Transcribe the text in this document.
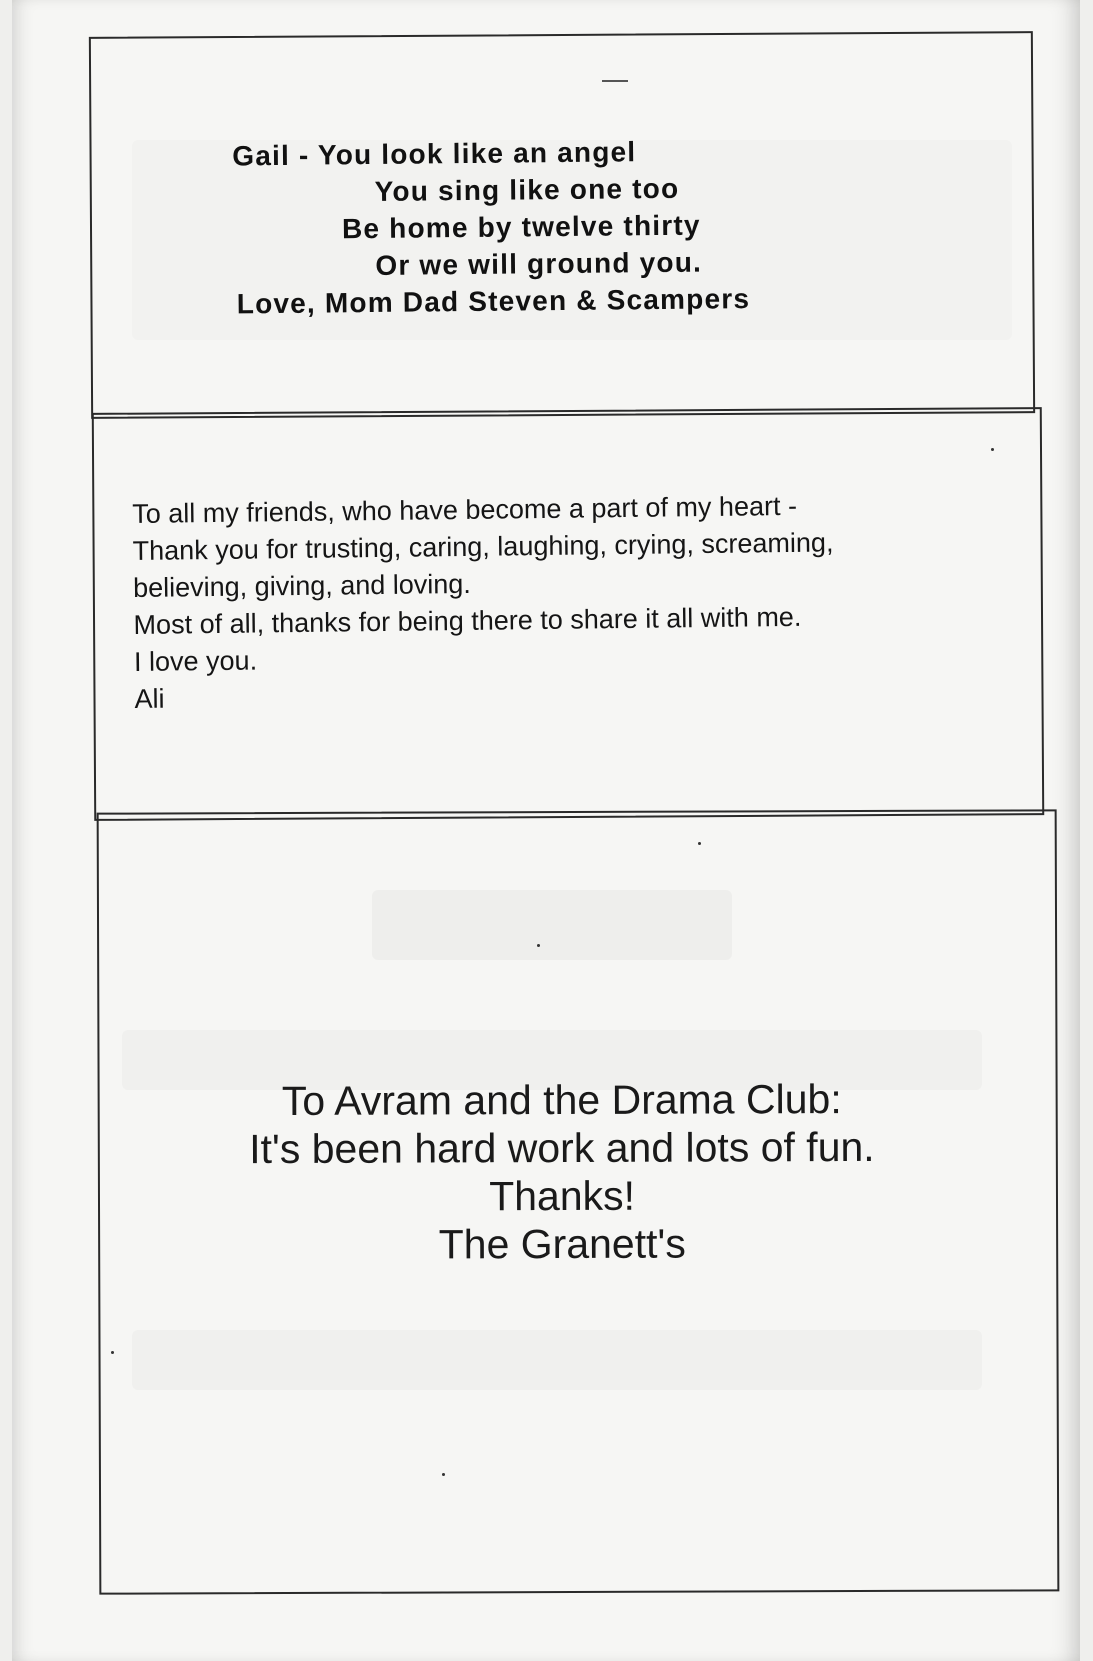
Gail - You look like an angel
You sing like one too
Be home by twelve thirty
Or we will ground you.
Love, Mom Dad Steven & Scampers
To all my friends, who have become a part of my heart -
Thank you for trusting, caring, laughing, crying, screaming,
believing, giving, and loving.
Most of all, thanks for being there to share it all with me.
I love you.
Ali
To Avram and the Drama Club:
It's been hard work and lots of fun.
Thanks!
The Granett's
